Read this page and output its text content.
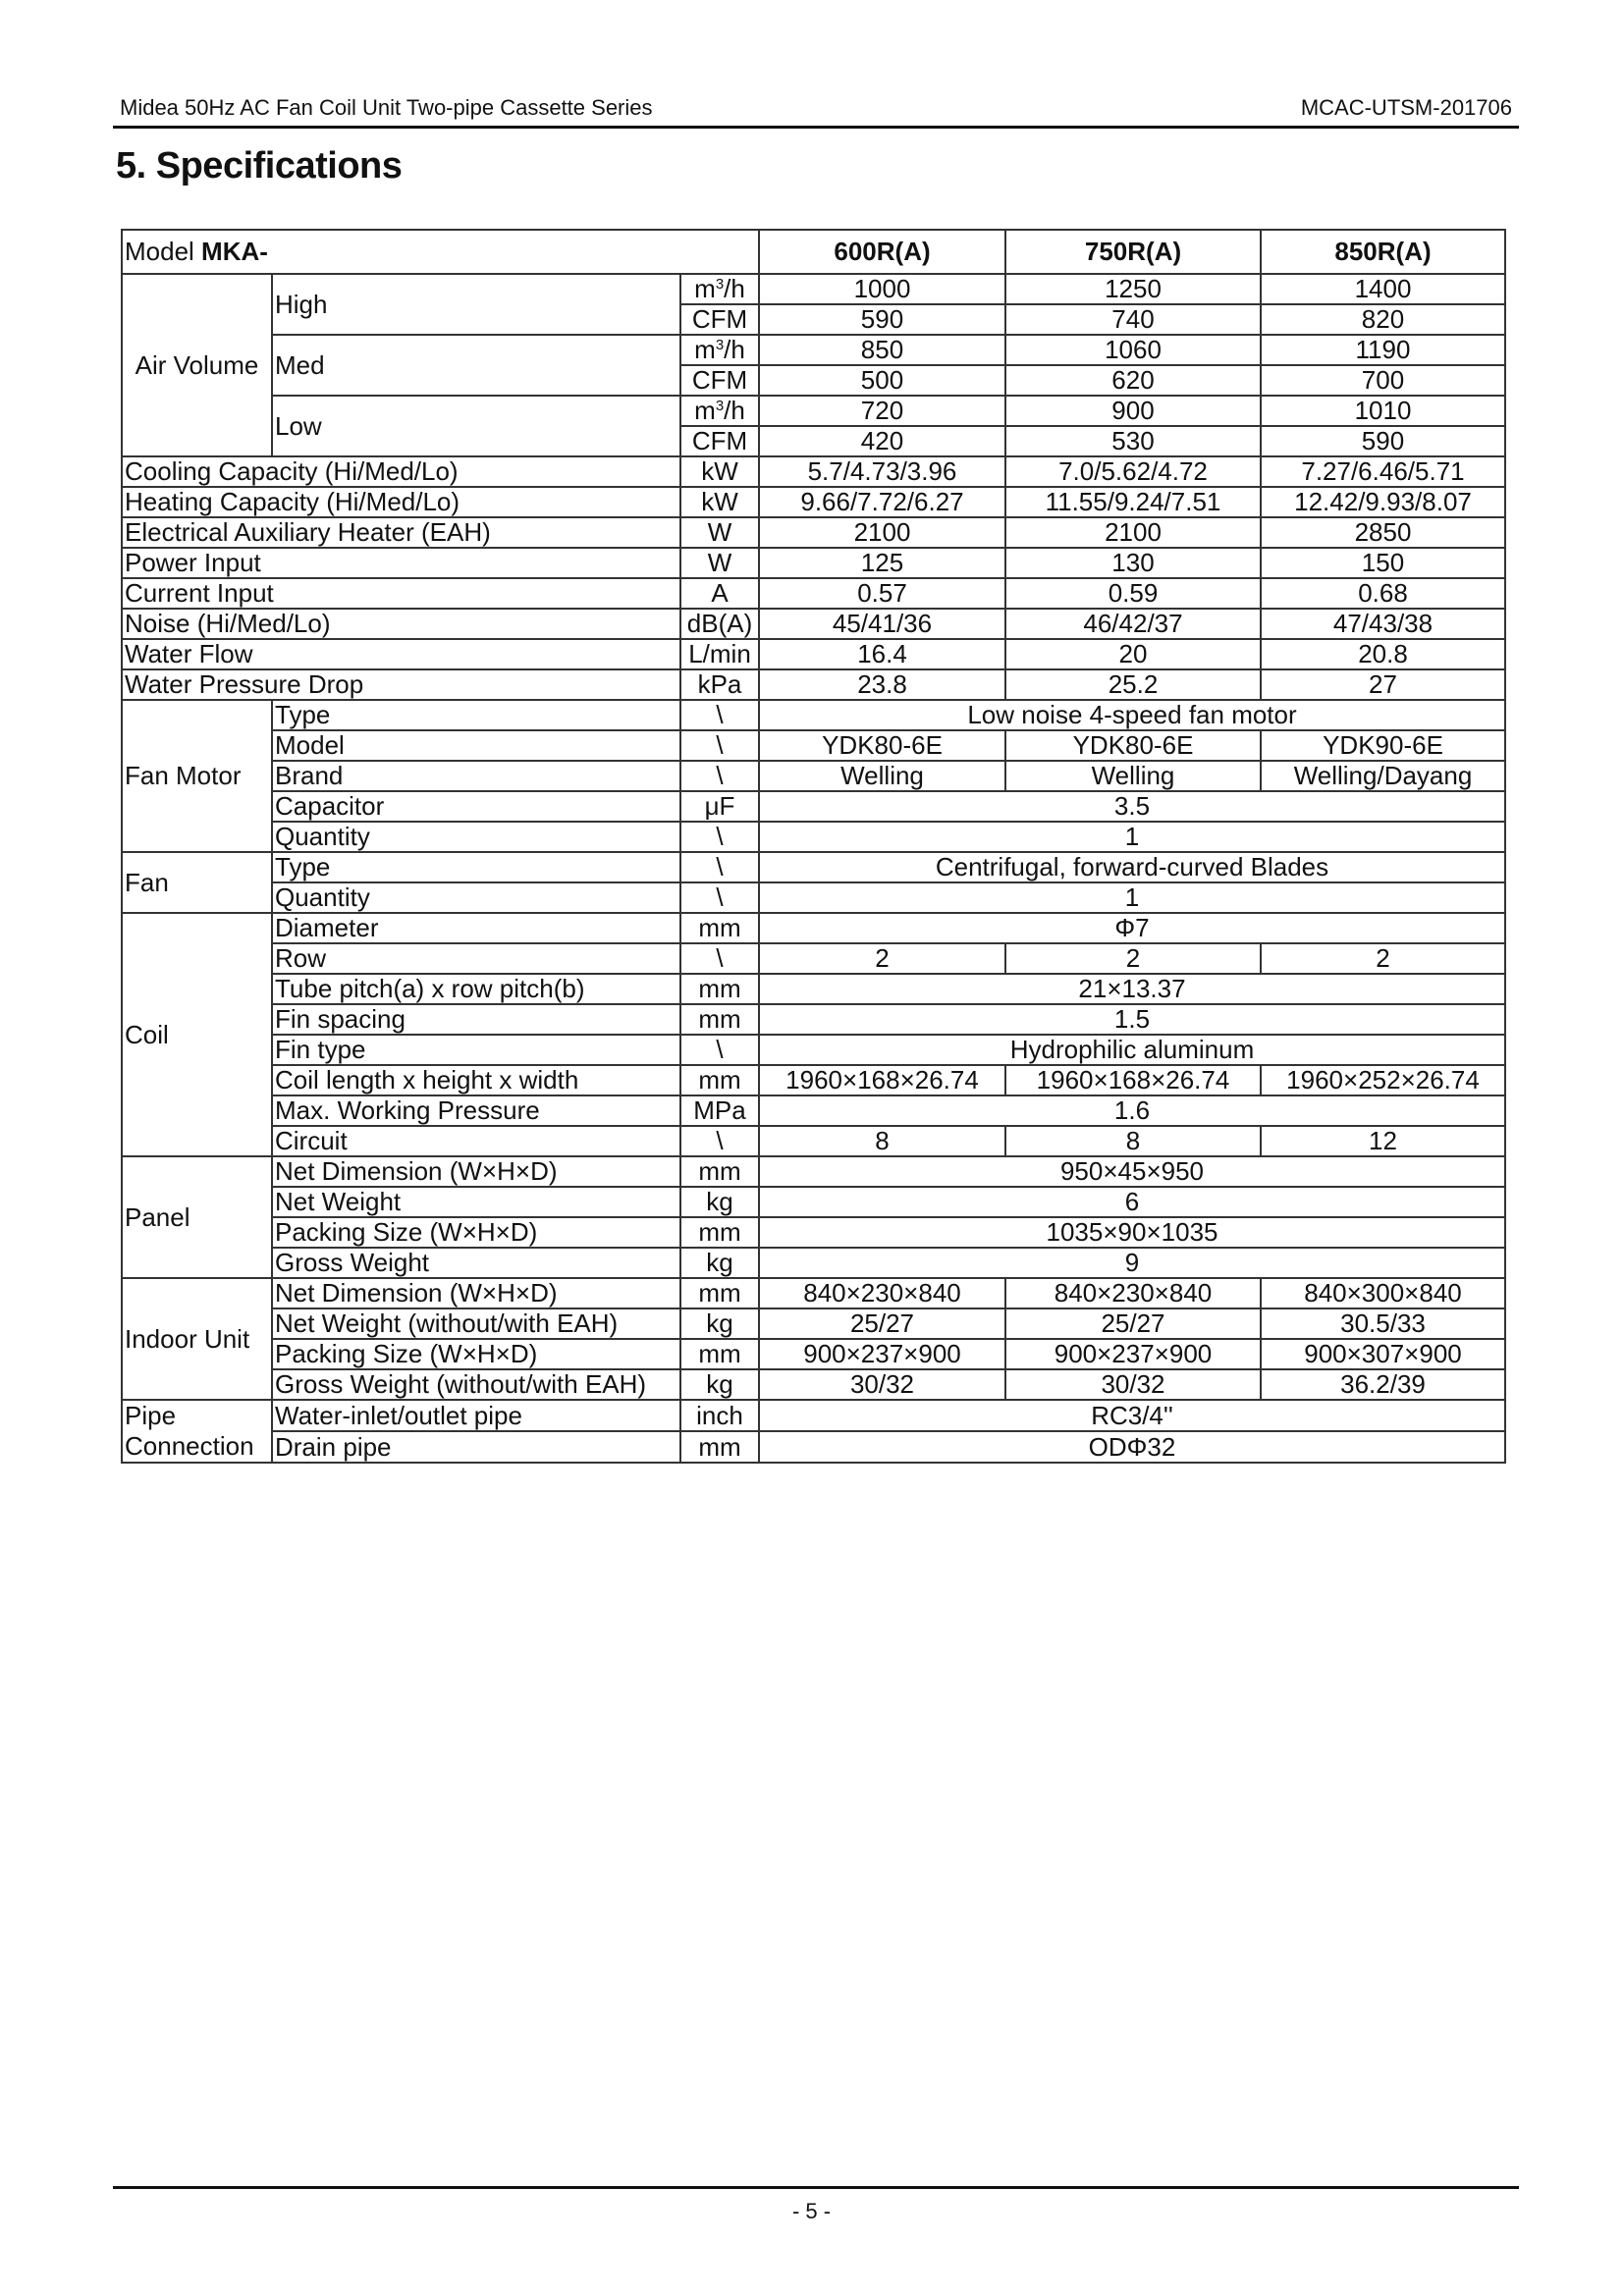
Midea 50Hz AC Fan Coil Unit Two-pipe Cassette Series	MCAC-UTSM-201706
5. Specifications
Model MKA-			600R(A)	750R(A)	850R(A)
Air Volume	High	$m^3/h$	1000	1250	1400
		CFM	590	740	820
	Med	$m^3/h$	850	1060	1190
		CFM	500	620	700
	Low	$m^3/h$	720	900	1010
		CFM	420	530	590
Cooling Capacity (Hi/Med/Lo)		kW	5.7/4.73/3.96	7.0/5.62/4.72	7.27/6.46/5.71
Heating Capacity (Hi/Med/Lo)		kW	9.66/7.72/6.27	11.55/9.24/7.51	12.42/9.93/8.07
Electrical Auxiliary Heater (EAH)		W	2100	2100	2850
Power Input		W	125	130	150
Current Input		A	0.57	0.59	0.68
Noise (Hi/Med/Lo)		dB(A)	45/41/36	46/42/37	47/43/38
Water Flow		L/min	16.4	20	20.8
Water Pressure Drop		kPa	23.8	25.2	27
Fan Motor	Type	\	Low noise 4-speed fan motor		
	Model	\	YDK80-6E	YDK80-6E	YDK90-6E
	Brand	\	Welling	Welling	Welling/Dayang
	Capacitor	μF	3.5		
	Quantity	\	1		
Fan	Type	\	Centrifugal, forward-curved Blades		
	Quantity	\	1		
Coil	Diameter	mm	Φ7		
	Row	\	2	2	2
	Tube pitch(a) x row pitch(b)	mm	21×13.37		
	Fin spacing	mm	1.5		
	Fin type	\	Hydrophilic aluminum		
	Coil length x height x width	mm	1960×168×26.74	1960×168×26.74	1960×252×26.74
	Max. Working Pressure	MPa	1.6		
	Circuit	\	8	8	12
Panel	Net Dimension (W×H×D)	mm	950×45×950		
	Net Weight	kg	6		
	Packing Size (W×H×D)	mm	1035×90×1035		
	Gross Weight	kg	9		
Indoor Unit	Net Dimension (W×H×D)	mm	840×230×840	840×230×840	840×300×840
	Net Weight (without/with EAH)	kg	25/27	25/27	30.5/33
	Packing Size (W×H×D)	mm	900×237×900	900×237×900	900×307×900
	Gross Weight (without/with EAH)	kg	30/32	30/32	36.2/39

Pipe
Connection	Water-inlet/outlet pipe	inch	RC3/4''		
	Drain pipe	mm	ODΦ32		
- 5 -
